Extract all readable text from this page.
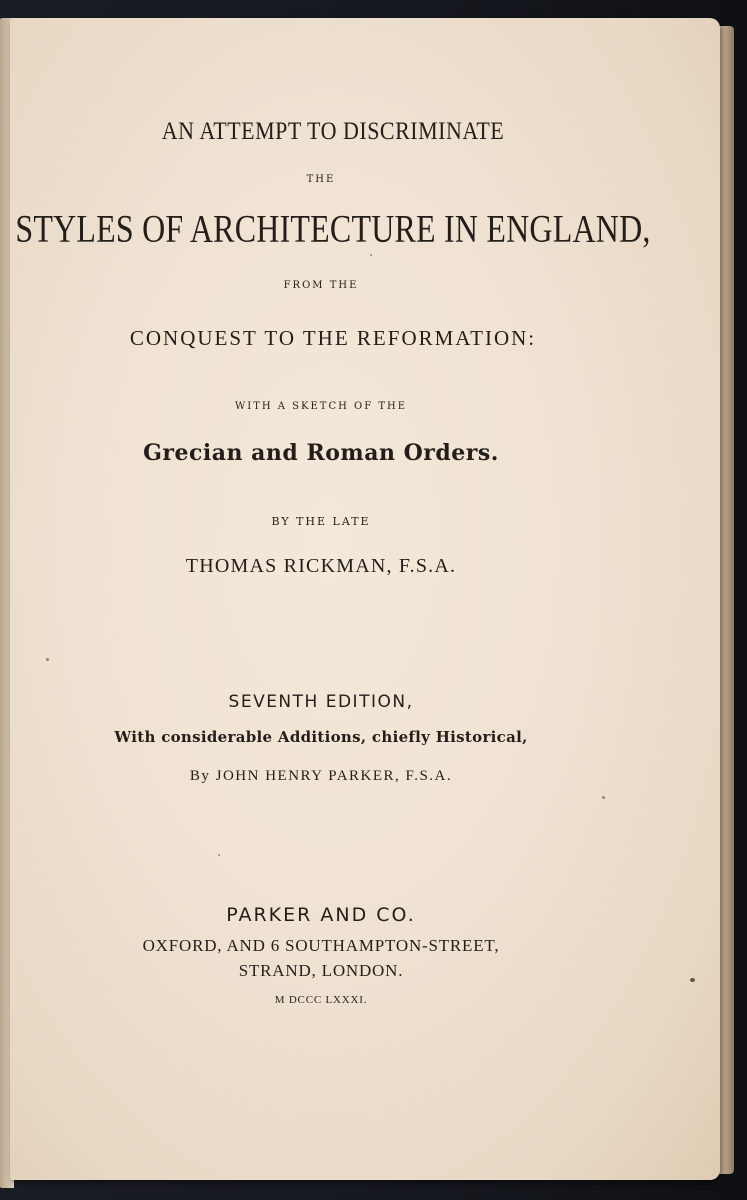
AN ATTEMPT TO DISCRIMINATE
THE
STYLES OF ARCHITECTURE IN ENGLAND,
FROM THE
CONQUEST TO THE REFORMATION:
WITH A SKETCH OF THE
Grecian and Roman Orders.
BY THE LATE
THOMAS RICKMAN, F.S.A.
SEVENTH EDITION,
With considerable Additions, chiefly Historical,
By JOHN HENRY PARKER, F.S.A.
PARKER AND CO.
OXFORD, AND 6 SOUTHAMPTON-STREET,
STRAND, LONDON.
M DCCC LXXXI.
